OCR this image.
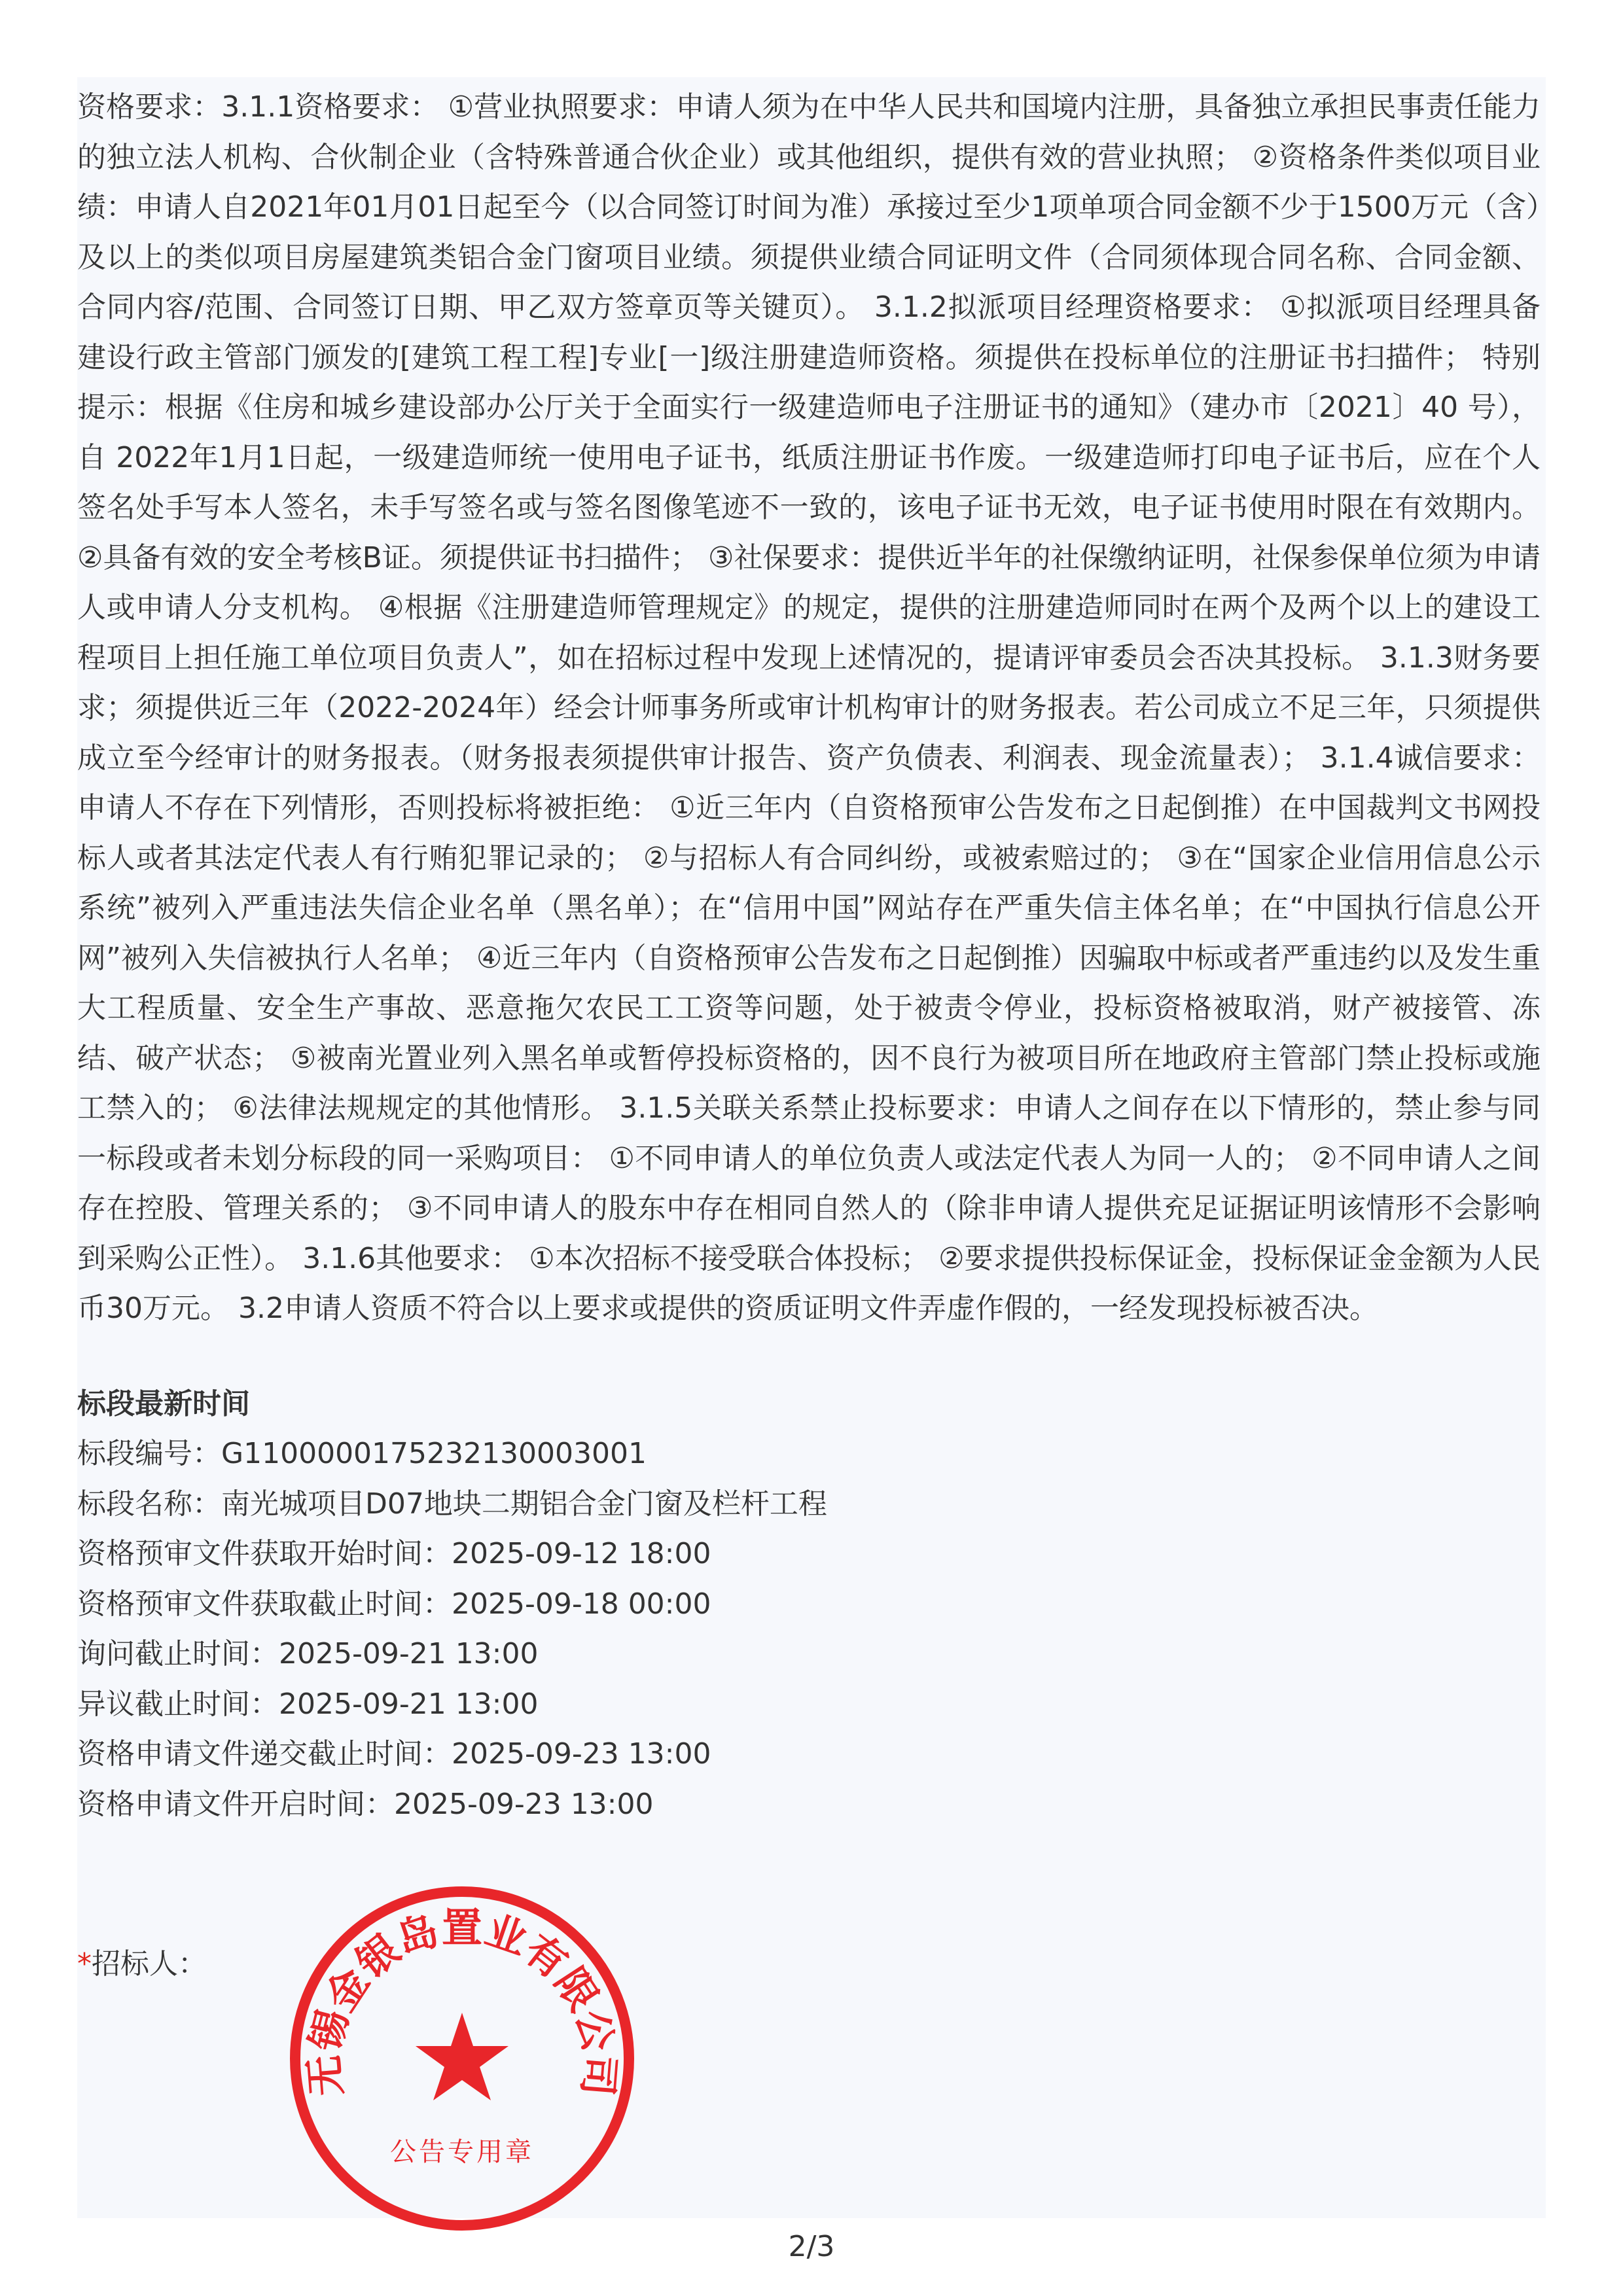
资格要求：3.1.1资格要求： ①营业执照要求：申请人须为在中华人民共和国境内注册，具备独立承担民事责任能力的独立法人机构、合伙制企业（含特殊普通合伙企业）或其他组织，提供有效的营业执照； ②资格条件类似项目业绩：申请人自2021年01月01日起至今（以合同签订时间为准）承接过至少1项单项合同金额不少于1500万元（含）及以上的类似项目房屋建筑类铝合金门窗项目业绩。须提供业绩合同证明文件（合同须体现合同名称、合同金额、合同内容/范围、合同签订日期、甲乙双方签章页等关键页）。 3.1.2拟派项目经理资格要求： ①拟派项目经理具备建设行政主管部门颁发的[建筑工程工程]专业[一]级注册建造师资格。须提供在投标单位的注册证书扫描件； 特别提示：根据《住房和城乡建设部办公厅关于全面实行一级建造师电子注册证书的通知》（建办市〔2021〕40 号），自 2022年1月1日起，一级建造师统一使用电子证书，纸质注册证书作废。一级建造师打印电子证书后，应在个人签名处手写本人签名，未手写签名或与签名图像笔迹不一致的，该电子证书无效，电子证书使用时限在有效期内。 ②具备有效的安全考核B证。须提供证书扫描件； ③社保要求：提供近半年的社保缴纳证明，社保参保单位须为申请人或申请人分支机构。 ④根据《注册建造师管理规定》的规定，提供的注册建造师同时在两个及两个以上的建设工程项目上担任施工单位项目负责人”，如在招标过程中发现上述情况的，提请评审委员会否决其投标。 3.1.3财务要求；须提供近三年（2022-2024年）经会计师事务所或审计机构审计的财务报表。若公司成立不足三年，只须提供成立至今经审计的财务报表。（财务报表须提供审计报告、资产负债表、利润表、现金流量表）； 3.1.4诚信要求：申请人不存在下列情形，否则投标将被拒绝： ①近三年内（自资格预审公告发布之日起倒推）在中国裁判文书网投标人或者其法定代表人有行贿犯罪记录的； ②与招标人有合同纠纷，或被索赔过的； ③在“国家企业信用信息公示系统”被列入严重违法失信企业名单（黑名单）；在“信用中国”网站存在严重失信主体名单；在“中国执行信息公开网”被列入失信被执行人名单； ④近三年内（自资格预审公告发布之日起倒推）因骗取中标或者严重违约以及发生重大工程质量、安全生产事故、恶意拖欠农民工工资等问题，处于被责令停业，投标资格被取消，财产被接管、冻结、破产状态； ⑤被南光置业列入黑名单或暂停投标资格的，因不良行为被项目所在地政府主管部门禁止投标或施工禁入的； ⑥法律法规规定的其他情形。 3.1.5关联关系禁止投标要求：申请人之间存在以下情形的，禁止参与同一标段或者未划分标段的同一采购项目： ①不同申请人的单位负责人或法定代表人为同一人的； ②不同申请人之间存在控股、管理关系的； ③不同申请人的股东中存在相同自然人的（除非申请人提供充足证据证明该情形不会影响到采购公正性）。 3.1.6其他要求： ①本次招标不接受联合体投标； ②要求提供投标保证金，投标保证金金额为人民币30万元。 3.2申请人资质不符合以上要求或提供的资质证明文件弄虚作假的，一经发现投标被否决。

标段最新时间
标段编号：G1100000175232130003001
标段名称：南光城项目D07地块二期铝合金门窗及栏杆工程
资格预审文件获取开始时间：2025-09-12 18:00
资格预审文件获取截止时间：2025-09-18 00:00
询问截止时间：2025-09-21 13:00
异议截止时间：2025-09-21 13:00
资格申请文件递交截止时间：2025-09-23 13:00
资格申请文件开启时间：2025-09-23 13:00
*招标人：
无锡金银岛置业有限公司
公告专用章
2/3
